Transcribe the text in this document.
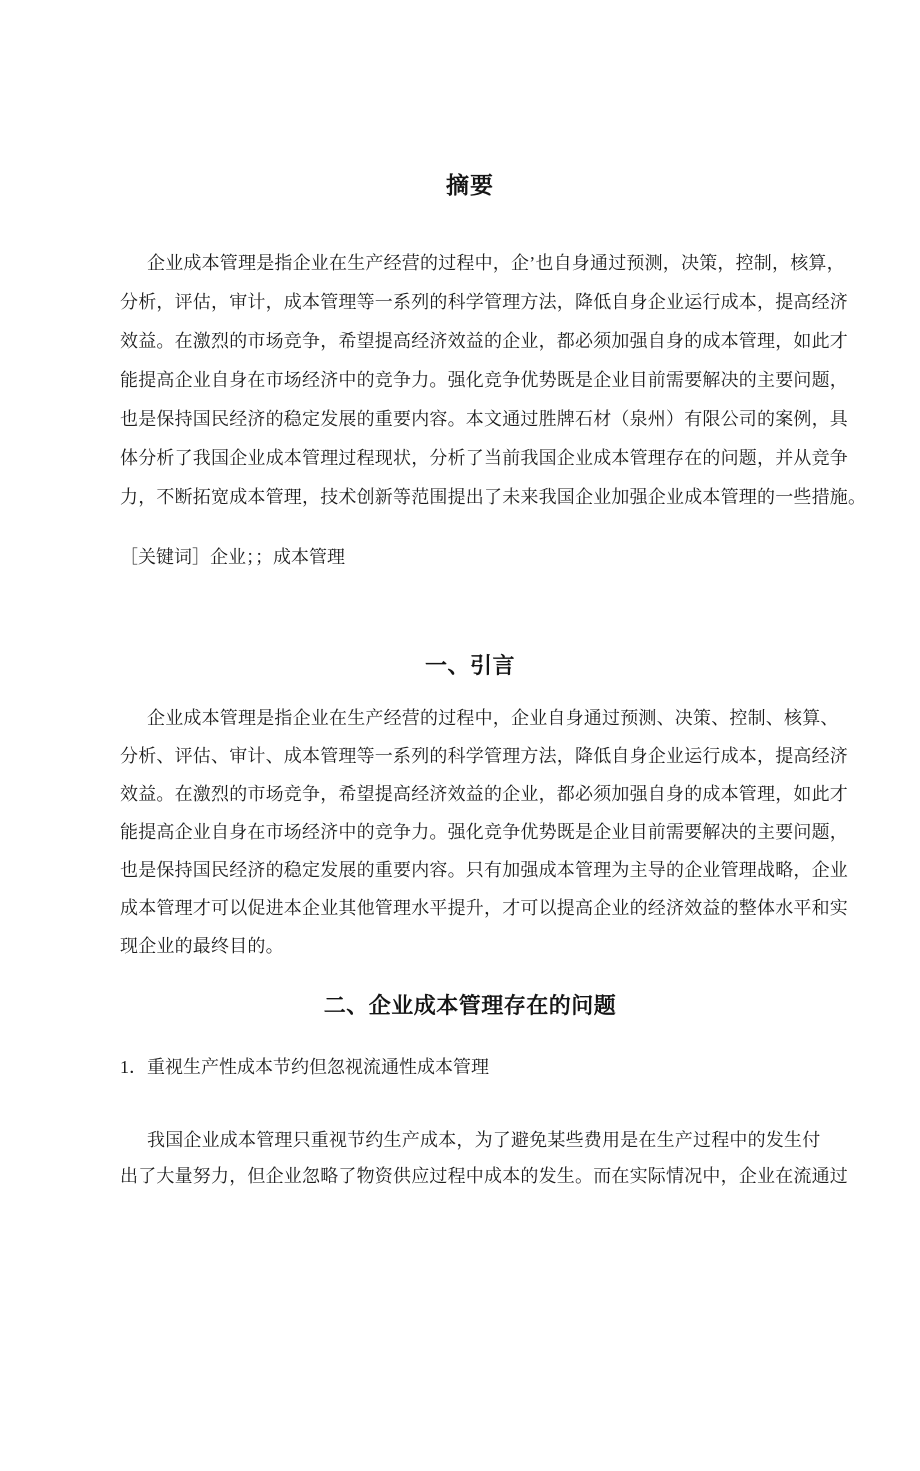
摘要
企业成本管理是指企业在生产经营的过程中，企’也自身通过预测，决策，控制，核算，
分析，评估，审计，成本管理等一系列的科学管理方法，降低自身企业运行成本，提高经济
效益。在激烈的市场竞争，希望提高经济效益的企业，都必须加强自身的成本管理，如此才
能提高企业自身在市场经济中的竞争力。强化竞争优势既是企业目前需要解决的主要问题，
也是保持国民经济的稳定发展的重要内容。本文通过胜牌石材（泉州）有限公司的案例，具
体分析了我国企业成本管理过程现状，分析了当前我国企业成本管理存在的问题，并从竞争
力，不断拓宽成本管理，技术创新等范围提出了未来我国企业加强企业成本管理的一些措施。
［关键词］企业；；成本管理
一、引言
企业成本管理是指企业在生产经营的过程中，企业自身通过预测、决策、控制、核算、
分析、评估、审计、成本管理等一系列的科学管理方法，降低自身企业运行成本，提高经济
效益。在激烈的市场竞争，希望提高经济效益的企业，都必须加强自身的成本管理，如此才
能提高企业自身在市场经济中的竞争力。强化竞争优势既是企业目前需要解决的主要问题，
也是保持国民经济的稳定发展的重要内容。只有加强成本管理为主导的企业管理战略，企业
成本管理才可以促进本企业其他管理水平提升，才可以提高企业的经济效益的整体水平和实
现企业的最终目的。
二、企业成本管理存在的问题
1．重视生产性成本节约但忽视流通性成本管理
我国企业成本管理只重视节约生产成本，为了避免某些费用是在生产过程中的发生付
出了大量努力，但企业忽略了物资供应过程中成本的发生。而在实际情况中，企业在流通过
